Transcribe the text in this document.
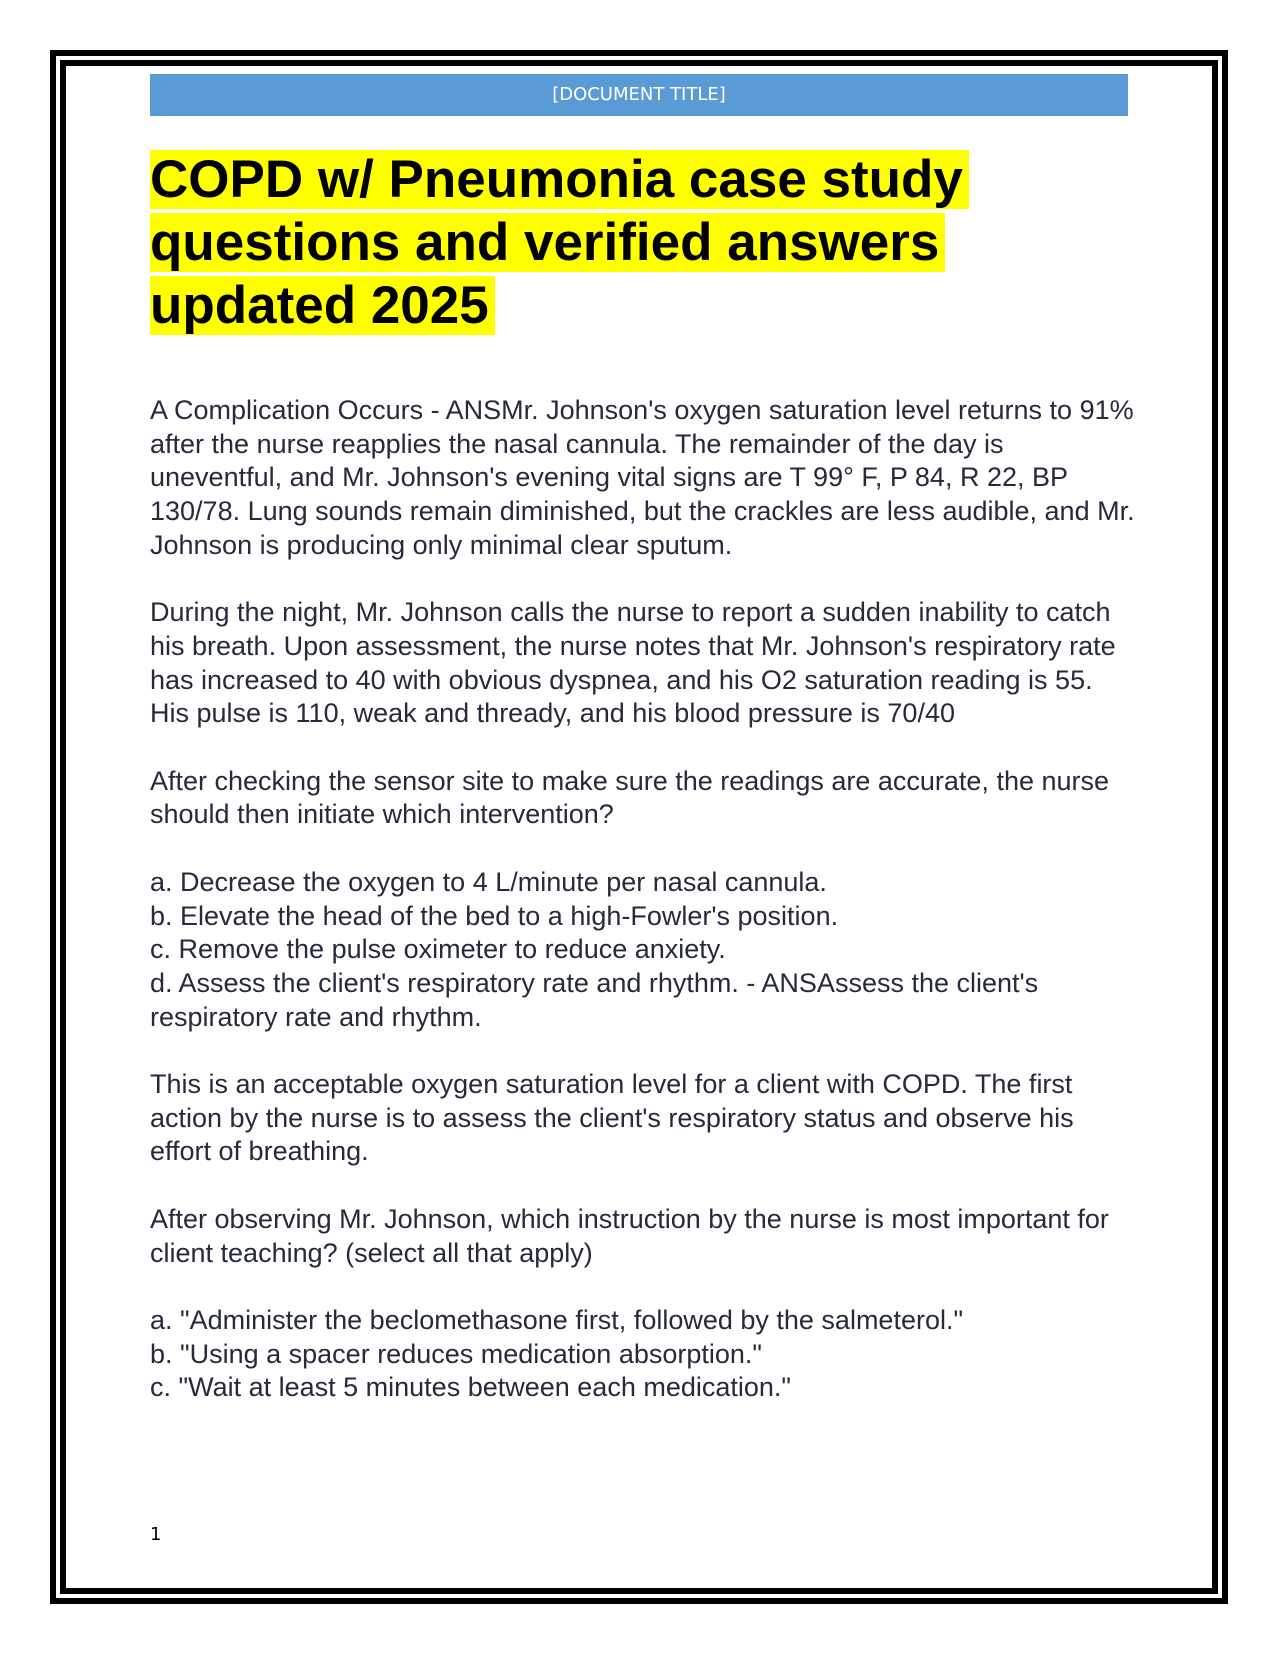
[DOCUMENT TITLE]
COPD w/ Pneumonia case study
questions and verified answers
updated 2025

A Complication Occurs - ANSMr. Johnson's oxygen saturation level returns to 91% after the nurse reapplies the nasal cannula. The remainder of the day is uneventful, and Mr. Johnson's evening vital signs are T 99° F, P 84, R 22, BP 130/78. Lung sounds remain diminished, but the crackles are less audible, and Mr. Johnson is producing only minimal clear sputum.

During the night, Mr. Johnson calls the nurse to report a sudden inability to catch his breath. Upon assessment, the nurse notes that Mr. Johnson's respiratory rate has increased to 40 with obvious dyspnea, and his O2 saturation reading is 55. His pulse is 110, weak and thready, and his blood pressure is 70/40

After checking the sensor site to make sure the readings are accurate, the nurse should then initiate which intervention?

a. Decrease the oxygen to 4 L/minute per nasal cannula.
b. Elevate the head of the bed to a high-Fowler's position.
c. Remove the pulse oximeter to reduce anxiety.
d. Assess the client's respiratory rate and rhythm. - ANSAssess the client's respiratory rate and rhythm.

This is an acceptable oxygen saturation level for a client with COPD. The first action by the nurse is to assess the client's respiratory status and observe his effort of breathing.

After observing Mr. Johnson, which instruction by the nurse is most important for client teaching? (select all that apply)

a. "Administer the beclomethasone first, followed by the salmeterol."
b. "Using a spacer reduces medication absorption."
c. "Wait at least 5 minutes between each medication."

1
